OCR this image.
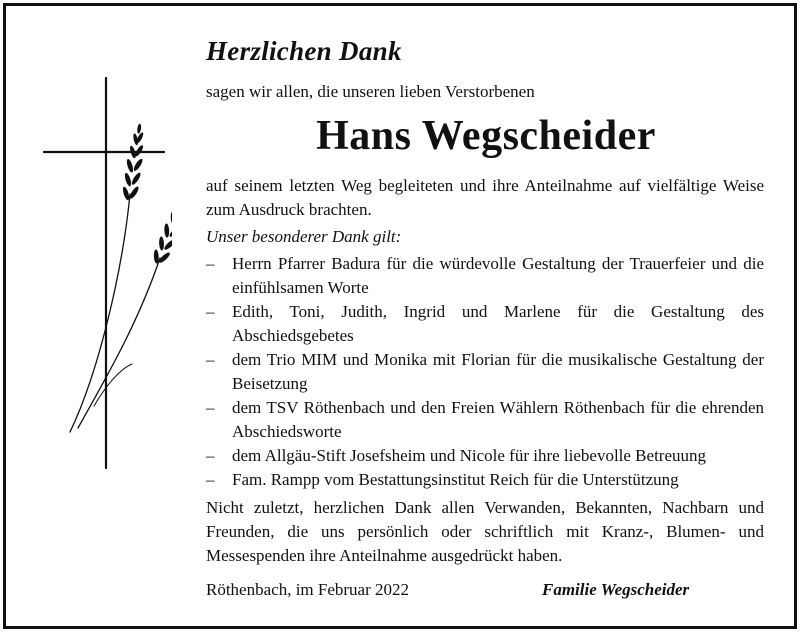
Herzlichen Dank
sagen wir allen, die unseren lieben Verstorbenen
Hans Wegscheider
auf seinem letzten Weg begleiteten und ihre Anteilnahme auf vielfältige Weise zum Ausdruck brachten.
Unser besonderer Dank gilt:
– Herrn Pfarrer Badura für die würdevolle Gestaltung der Trauerfeier und die einfühlsamen Worte
– Edith, Toni, Judith, Ingrid und Marlene für die Gestaltung des Abschiedsgebetes
– dem Trio MIM und Monika mit Florian für die musikalische Gestaltung der Beisetzung
– dem TSV Röthenbach und den Freien Wählern Röthenbach für die ehrenden Abschiedsworte
– dem Allgäu-Stift Josefsheim und Nicole für ihre liebevolle Betreuung
– Fam. Rampp vom Bestattungsinstitut Reich für die Unterstützung
Nicht zuletzt, herzlichen Dank allen Verwanden, Bekannten, Nachbarn und Freunden, die uns persönlich oder schriftlich mit Kranz-, Blumen- und Messespenden ihre Anteilnahme ausgedrückt haben.
Röthenbach, im Februar 2022	Familie Wegscheider
